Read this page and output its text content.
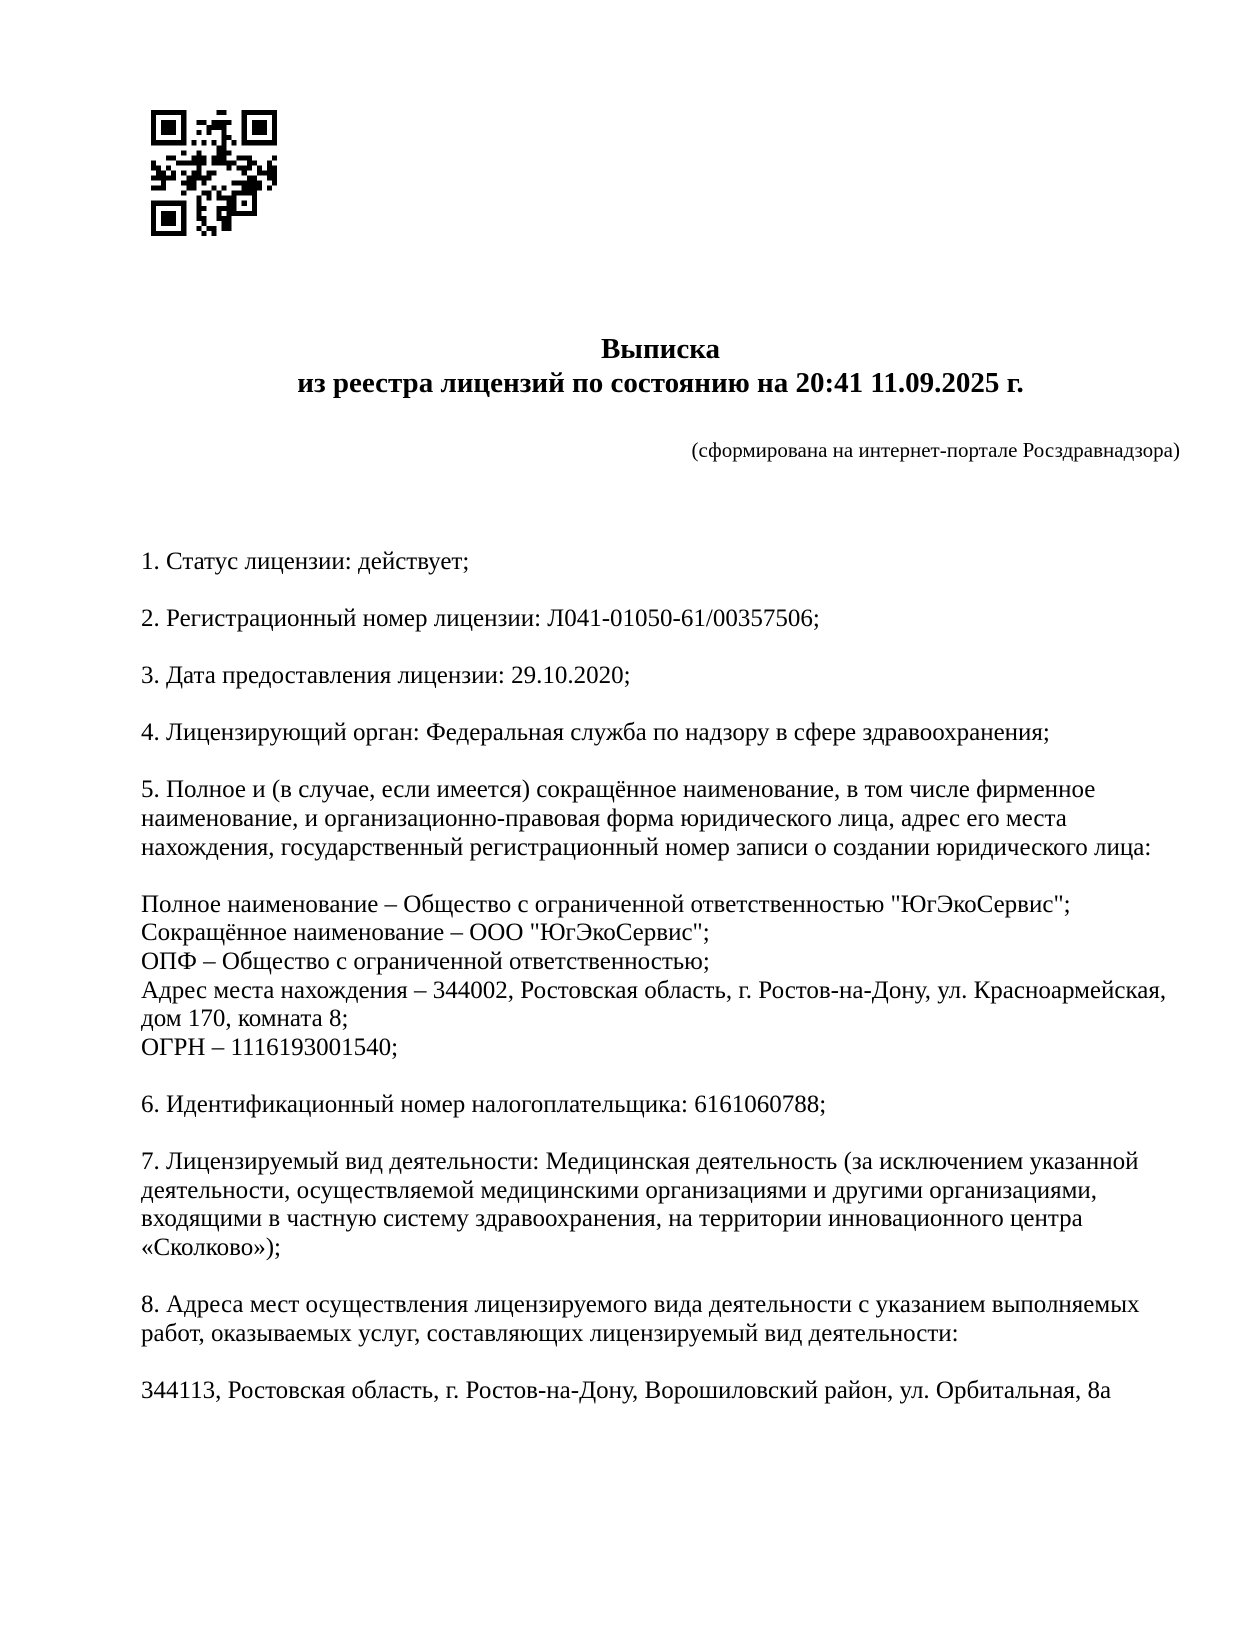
Выписка
из реестра лицензий по состоянию на 20:41 11.09.2025 г.
(сформирована на интернет-портале Росздравнадзора)

1. Статус лицензии: действует;

2. Регистрационный номер лицензии: Л041-01050-61/00357506;

3. Дата предоставления лицензии: 29.10.2020;

4. Лицензирующий орган: Федеральная служба по надзору в сфере здравоохранения;

5. Полное и (в случае, если имеется) сокращённое наименование, в том числе фирменное
наименование, и организационно-правовая форма юридического лица, адрес его места
нахождения, государственный регистрационный номер записи о создании юридического лица:

Полное наименование – Общество с ограниченной ответственностью "ЮгЭкоСервис";
Сокращённое наименование – ООО "ЮгЭкоСервис";
ОПФ – Общество с ограниченной ответственностью;
Адрес места нахождения – 344002, Ростовская область, г. Ростов-на-Дону, ул. Красноармейская,
дом 170, комната 8;
ОГРН – 1116193001540;

6. Идентификационный номер налогоплательщика: 6161060788;

7. Лицензируемый вид деятельности: Медицинская деятельность (за исключением указанной
деятельности, осуществляемой медицинскими организациями и другими организациями,
входящими в частную систему здравоохранения, на территории инновационного центра
«Сколково»);

8. Адреса мест осуществления лицензируемого вида деятельности с указанием выполняемых
работ, оказываемых услуг, составляющих лицензируемый вид деятельности:

344113, Ростовская область, г. Ростов-на-Дону, Ворошиловский район, ул. Орбитальная, 8а
